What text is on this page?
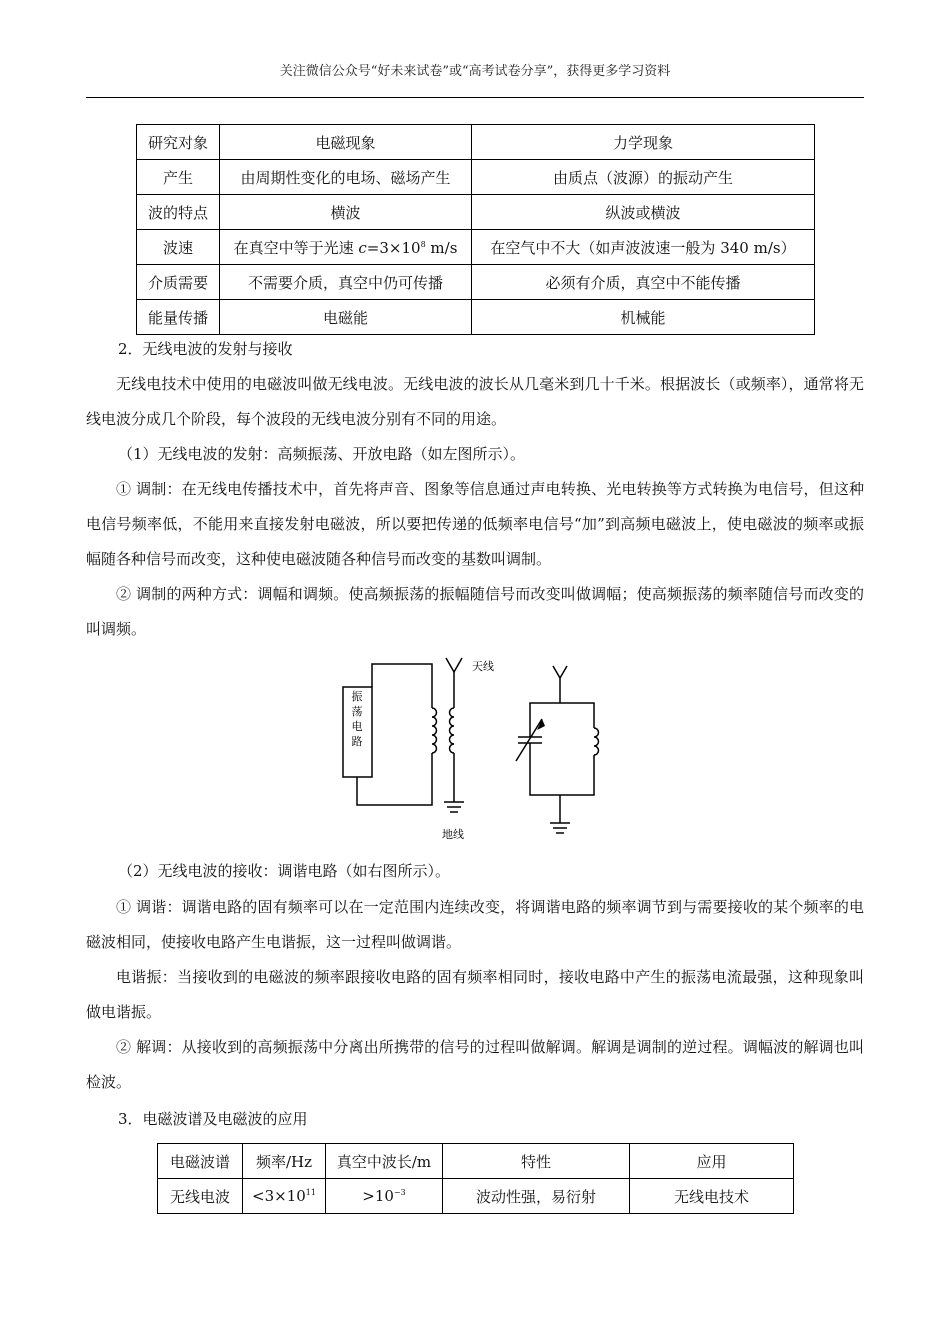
关注微信公众号“好未来试卷”或“高考试卷分享”，获得更多学习资料
研究对象	电磁现象	力学现象
产生	由周期性变化的电场、磁场产生	由质点（波源）的振动产生
波的特点	横波	纵波或横波
波速	在真空中等于光速 $c=3\times 10^8$ m/s	在空气中不大（如声波波速一般为 340 m/s）
介质需要	不需要介质，真空中仍可传播	必须有介质，真空中不能传播
能量传播	电磁能	机械能

2．无线电波的发射与接收

无线电技术中使用的电磁波叫做无线电波。无线电波的波长从几毫米到几十千米。根据波长（或频率），通常将无线电波分成几个阶段，每个波段的无线电波分别有不同的用途。

（1）无线电波的发射：高频振荡、开放电路（如左图所示）。

① 调制：在无线电传播技术中，首先将声音、图象等信息通过声电转换、光电转换等方式转换为电信号，但这种电信号频率低，不能用来直接发射电磁波，所以要把传递的低频率电信号“加”到高频电磁波上，使电磁波的频率或振幅随各种信号而改变，这种使电磁波随各种信号而改变的基数叫调制。

② 调制的两种方式：调幅和调频。使高频振荡的振幅随信号而改变叫做调幅；使高频振荡的频率随信号而改变的叫调频。

天线
地线
振荡电路

（2）无线电波的接收：调谐电路（如右图所示）。

① 调谐：调谐电路的固有频率可以在一定范围内连续改变，将调谐电路的频率调节到与需要接收的某个频率的电磁波相同，使接收电路产生电谐振，这一过程叫做调谐。

电谐振：当接收到的电磁波的频率跟接收电路的固有频率相同时，接收电路中产生的振荡电流最强，这种现象叫做电谐振。

② 解调：从接收到的高频振荡中分离出所携带的信号的过程叫做解调。解调是调制的逆过程。调幅波的解调也叫检波。

3．电磁波谱及电磁波的应用

电磁波谱	频率/Hz	真空中波长/m	特性	应用
无线电波	$<3\times 10^{11}$	$>10^{-3}$	波动性强，易衍射	无线电技术
